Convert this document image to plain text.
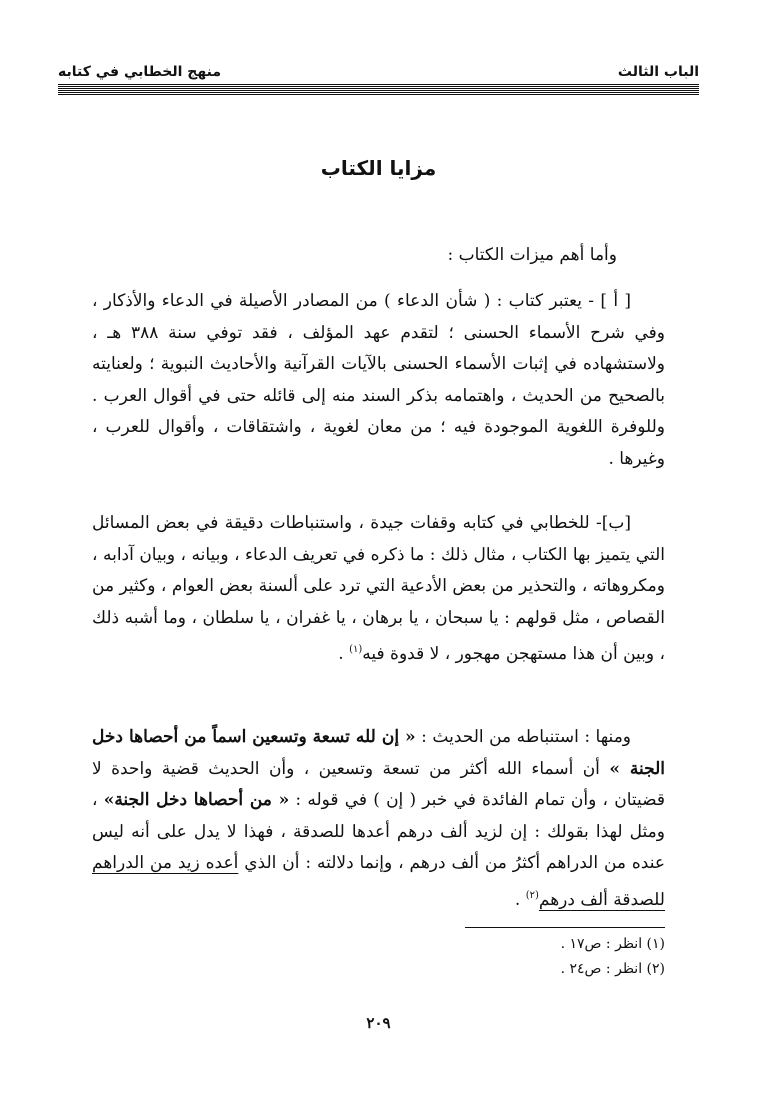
الباب الثالث
منهج الخطابي في كتابه
مزايا الكتاب
وأما أهم ميزات الكتاب :

[ أ ] - يعتبر كتاب : ( شأن الدعاء ) من المصادر الأصيلة في الدعاء والأذكار ، وفي شرح الأسماء الحسنى ؛ لتقدم عهد المؤلف ، فقد توفي سنة ٣٨٨ هـ ، ولاستشهاده في إثبات الأسماء الحسنى بالآيات القرآنية والأحاديث النبوية ؛ ولعنايته بالصحيح من الحديث ، واهتمامه بذكر السند منه إلى قائله حتى في أقوال العرب . وللوفرة اللغوية الموجودة فيه ؛ من معان لغوية ، واشتقاقات ، وأقوال للعرب ، وغيرها .

[ب]- للخطابي في كتابه وقفات جيدة ، واستنباطات دقيقة في بعض المسائل التي يتميز بها الكتاب ، مثال ذلك : ما ذكره في تعريف الدعاء ، وبيانه ، وبيان آدابه ، ومكروهاته ، والتحذير من بعض الأدعية التي ترد على ألسنة بعض العوام ، وكثير من القصاص ، مثل قولهم : يا سبحان ، يا برهان ، يا غفران ، يا سلطان ، وما أشبه ذلك ، وبين أن هذا مستهجن مهجور ، لا قدوة فيه$^{(١)}$ .

ومنها : استنباطه من الحديث : « إن لله تسعة وتسعين اسماً من أحصاها دخل الجنة » أن أسماء الله أكثر من تسعة وتسعين ، وأن الحديث قضية واحدة لا قضيتان ، وأن تمام الفائدة في خبر ( إن ) في قوله : « من أحصاها دخل الجنة» ، ومثل لهذا بقولك : إن لزيد ألف درهم أعدها للصدقة ، فهذا لا يدل على أنه ليس عنده من الدراهم أكثرُ من ألف درهم ، وإنما دلالته : أن الذي أعده زيد من الدراهم للصدقة ألف درهم$^{(٢)}$ .

(١) انظر : ص١٧ .
(٢) انظر : ص٢٤ .
٢٠٩
